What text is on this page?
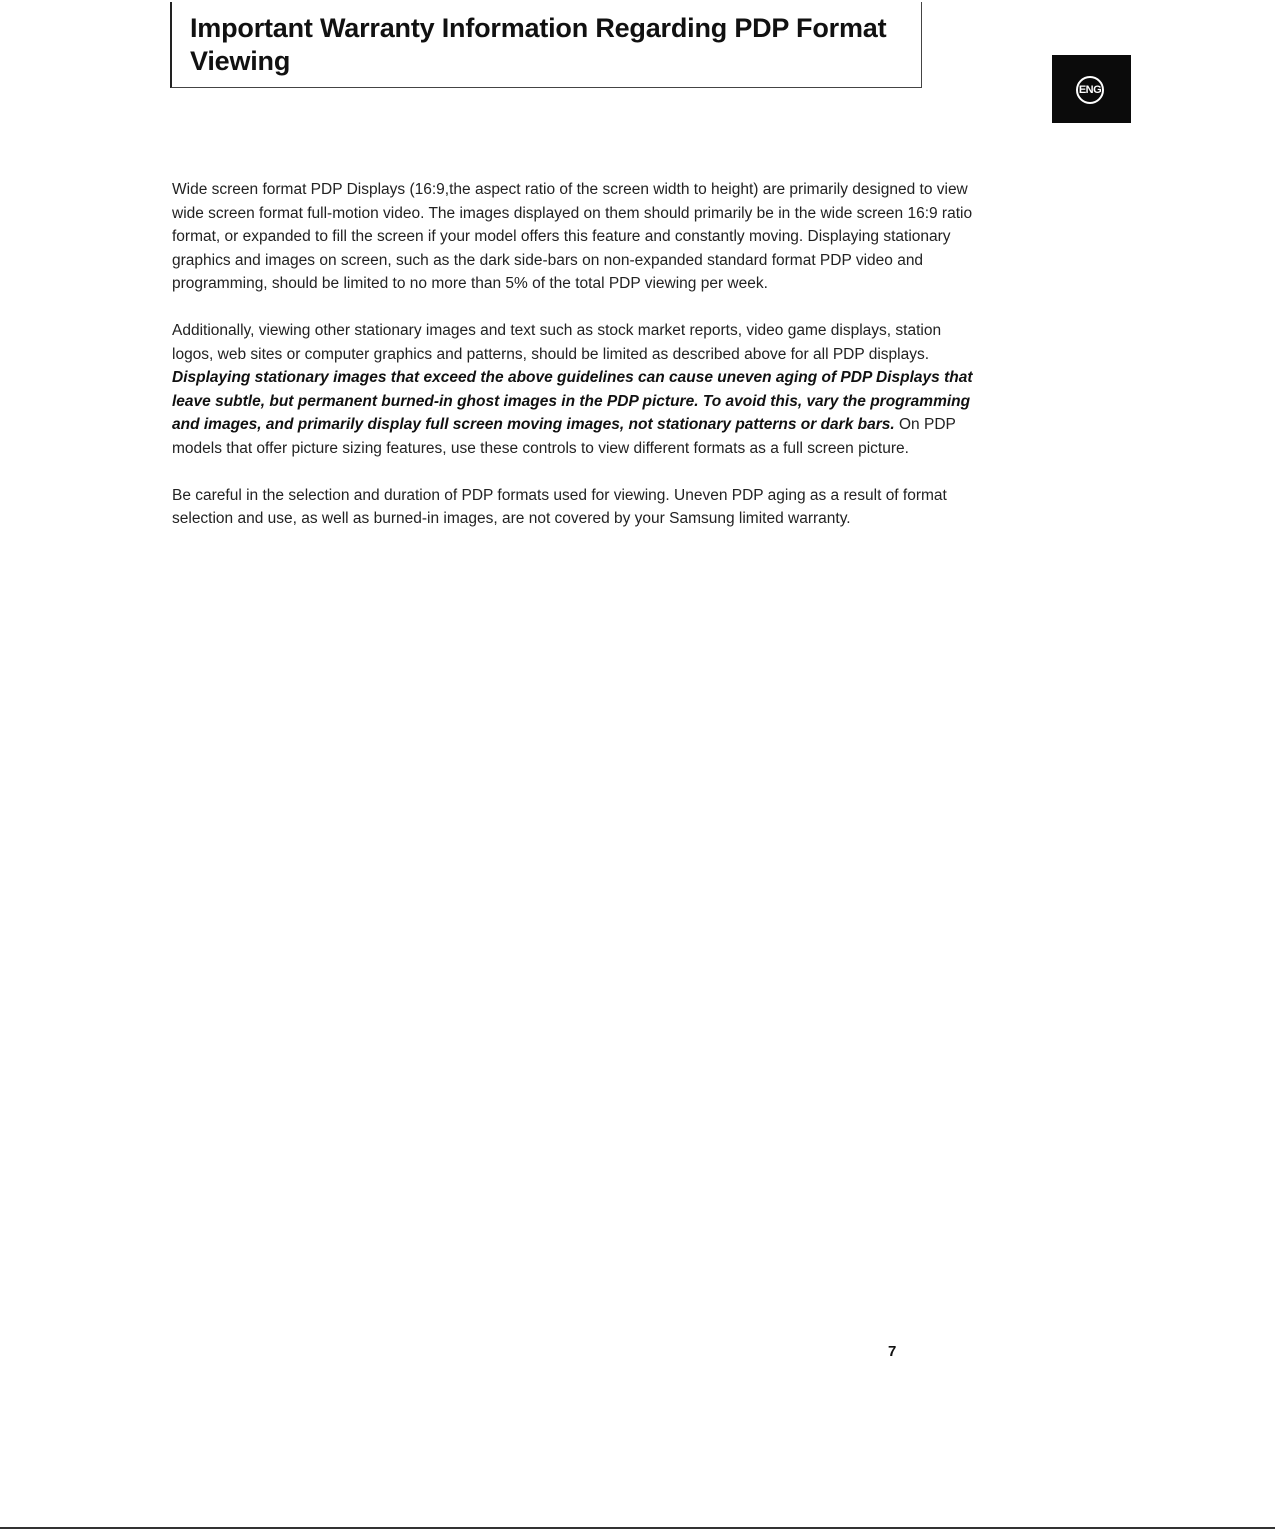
Important Warranty Information Regarding PDP Format Viewing
ENG

Wide screen format PDP Displays (16:9,the aspect ratio of the screen width to height) are primarily designed to view wide screen format full-motion video. The images displayed on them should primarily be in the wide screen 16:9 ratio format, or expanded to fill the screen if your model offers this feature and constantly moving. Displaying stationary graphics and images on screen, such as the dark side-bars on non-expanded standard format PDP video and programming, should be limited to no more than 5% of the total PDP viewing per week.

Additionally, viewing other stationary images and text such as stock market reports, video game displays, station logos, web sites or computer graphics and patterns, should be limited as described above for all PDP displays. Displaying stationary images that exceed the above guidelines can cause uneven aging of PDP Displays that leave subtle, but permanent burned-in ghost images in the PDP picture. To avoid this, vary the programming and images, and primarily display full screen moving images, not stationary patterns or dark bars. On PDP models that offer picture sizing features, use these controls to view different formats as a full screen picture.

Be careful in the selection and duration of PDP formats used for viewing. Uneven PDP aging as a result of format selection and use, as well as burned-in images, are not covered by your Samsung limited warranty.

7
